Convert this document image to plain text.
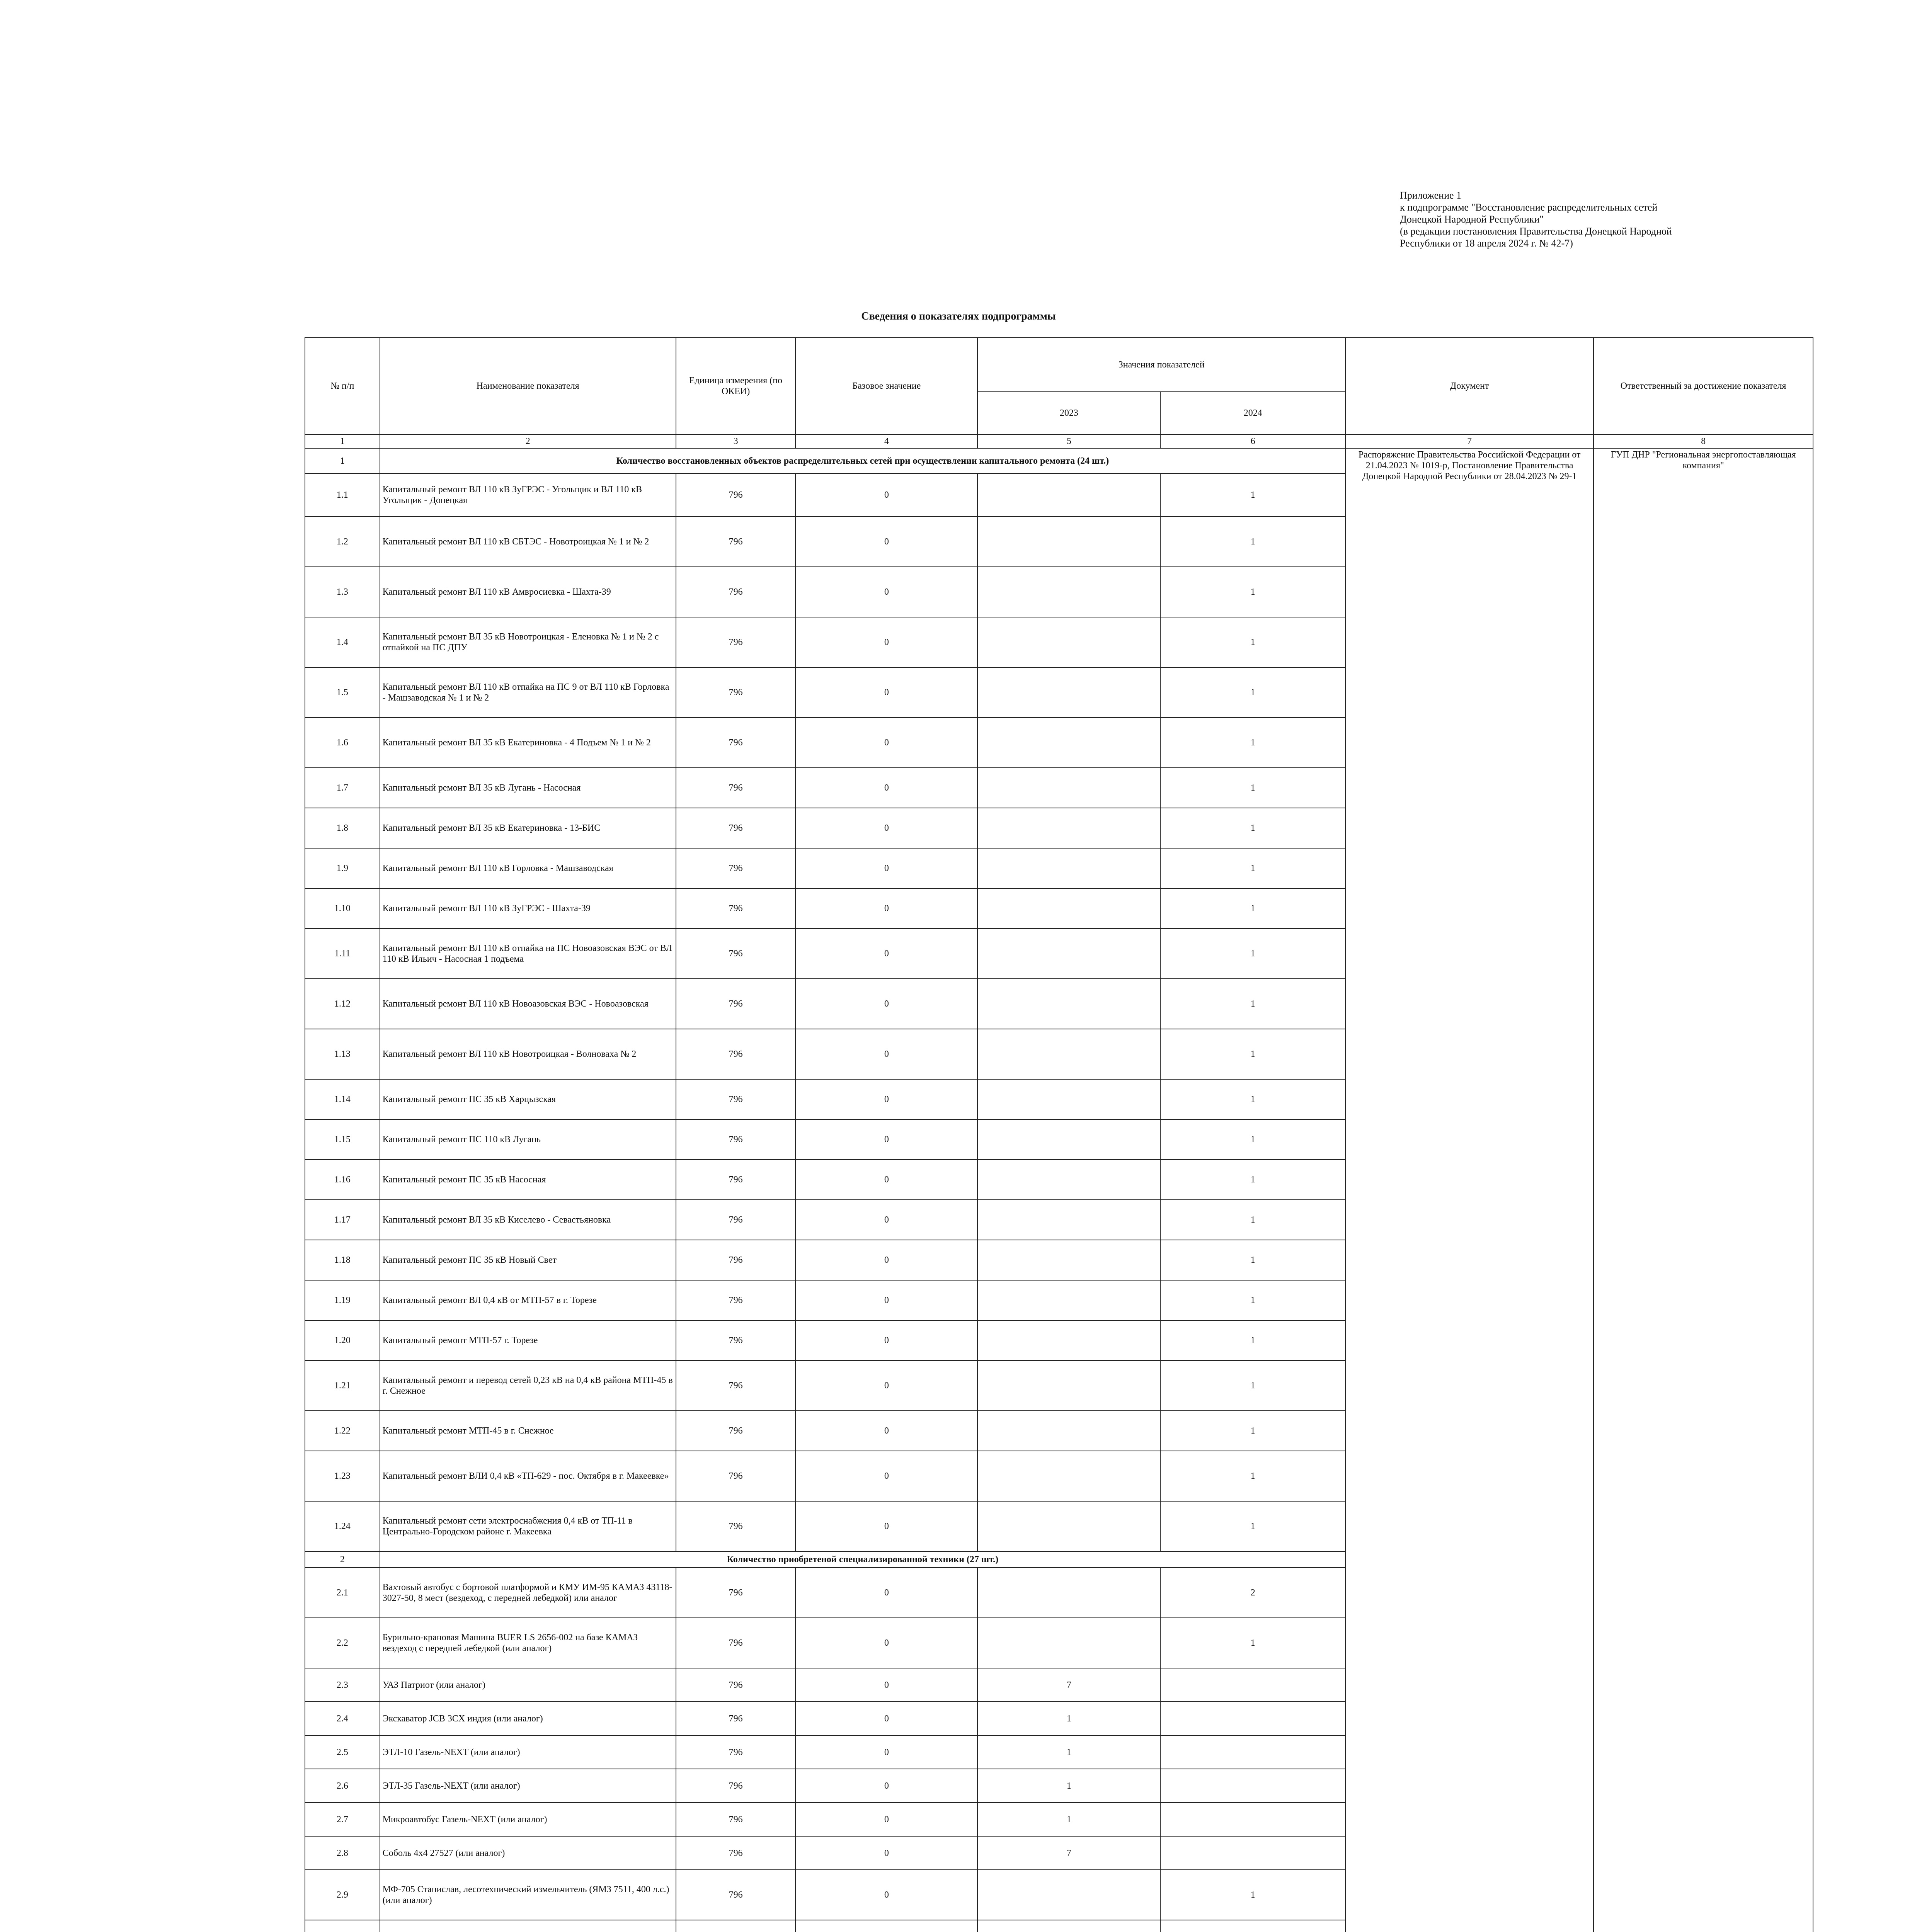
Приложение 1
к подпрограмме "Восстановление распределительных сетей
Донецкой Народной Республики"
(в редакции постановления Правительства Донецкой Народной
Республики от 18 апреля 2024 г. № 42-7)
Сведения о показателях подпрограммы
№ п/п	Наименование показателя	Единица измерения (по ОКЕИ)	Базовое значение	Значения показателей		Документ	Ответственный за достижение показателя
				2023	2024		
1	2	3	4	5	6	7	8
1	Количество восстановленных объектов распределительных сетей при осуществлении капитального ремонта (24 шт.)					Распоряжение Правительства Российской Федерации от 21.04.2023 № 1019-р, Постановление Правительства Донецкой Народной Республики от 28.04.2023 № 29-1	ГУП ДНР "Региональная энергопоставляющая компания"
1.1	Капитальный ремонт ВЛ 110 кВ ЗуГРЭС - Угольщик и ВЛ 110 кВ Угольщик - Донецкая	796	0		1		
1.2	Капитальный ремонт ВЛ 110 кВ СБТЭС - Новотроицкая № 1 и № 2	796	0		1		
1.3	Капитальный ремонт ВЛ 110 кВ Амвросиевка - Шахта-39	796	0		1		
1.4	Капитальный ремонт ВЛ 35 кВ Новотроицкая - Еленовка № 1 и № 2 с отпайкой на ПС ДПУ	796	0		1		
1.5	Капитальный ремонт ВЛ 110 кВ отпайка на ПС 9 от ВЛ 110 кВ Горловка - Машзаводская № 1 и № 2	796	0		1		
1.6	Капитальный ремонт ВЛ 35 кВ Екатериновка - 4 Подъем № 1 и № 2	796	0		1		
1.7	Капитальный ремонт ВЛ 35 кВ Лугань - Насосная	796	0		1		
1.8	Капитальный ремонт ВЛ 35 кВ Екатериновка - 13-БИС	796	0		1		
1.9	Капитальный ремонт ВЛ 110 кВ Горловка - Машзаводская	796	0		1		
1.10	Капитальный ремонт ВЛ 110 кВ ЗуГРЭС - Шахта-39	796	0		1		
1.11	Капитальный ремонт ВЛ 110 кВ отпайка на ПС Новоазовская ВЭС от ВЛ 110 кВ Ильич - Насосная 1 подъема	796	0		1		
1.12	Капитальный ремонт ВЛ 110 кВ Новоазовская ВЭС - Новоазовская	796	0		1		
1.13	Капитальный ремонт ВЛ 110 кВ Новотроицкая - Волноваха № 2	796	0		1		
1.14	Капитальный ремонт ПС 35 кВ Харцызская	796	0		1		
1.15	Капитальный ремонт ПС 110 кВ Лугань	796	0		1		
1.16	Капитальный ремонт ПС 35 кВ Насосная	796	0		1		
1.17	Капитальный ремонт ВЛ 35 кВ Киселево - Севастьяновка	796	0		1		
1.18	Капитальный ремонт ПС 35 кВ Новый Свет	796	0		1		
1.19	Капитальный ремонт ВЛ 0,4 кВ от МТП-57 в г. Торезе	796	0		1		
1.20	Капитальный ремонт МТП-57 г. Торезе	796	0		1		
1.21	Капитальный ремонт и перевод сетей 0,23 кВ на 0,4 кВ района МТП-45 в г. Снежное	796	0		1		
1.22	Капитальный ремонт МТП-45 в г. Снежное	796	0		1		
1.23	Капитальный ремонт ВЛИ 0,4 кВ «ТП-629 - пос. Октября в г. Макеевке»	796	0		1		
1.24	Капитальный ремонт сети электроснабжения 0,4 кВ от ТП-11 в Центрально-Городском районе г. Макеевка	796	0		1		
2	Количество приобретеной специализированной техники (27 шт.)						
2.1	Вахтовый автобус с бортовой платформой и КМУ ИМ-95 КАМАЗ 43118-3027-50, 8 мест (вездеход, с передней лебедкой) или аналог	796	0		2		
2.2	Бурильно-крановая Машина BUER LS 2656-002 на базе КАМАЗ вездеход с передней лебедкой (или аналог)	796	0		1		
2.3	УАЗ Патриот (или аналог)	796	0	7			
2.4	Экскаватор JCB 3CX индия (или аналог)	796	0	1			
2.5	ЭТЛ-10 Газель-NEXT (или аналог)	796	0	1			
2.6	ЭТЛ-35 Газель-NEXT (или аналог)	796	0	1			
2.7	Микроавтобус Газель-NEXT (или аналог)	796	0	1			
2.8	Соболь 4х4 27527 (или аналог)	796	0	7			
2.9	МФ-705 Станислав, лесотехнический измельчитель (ЯМЗ 7511, 400 л.с.) (или аналог)	796	0		1		
